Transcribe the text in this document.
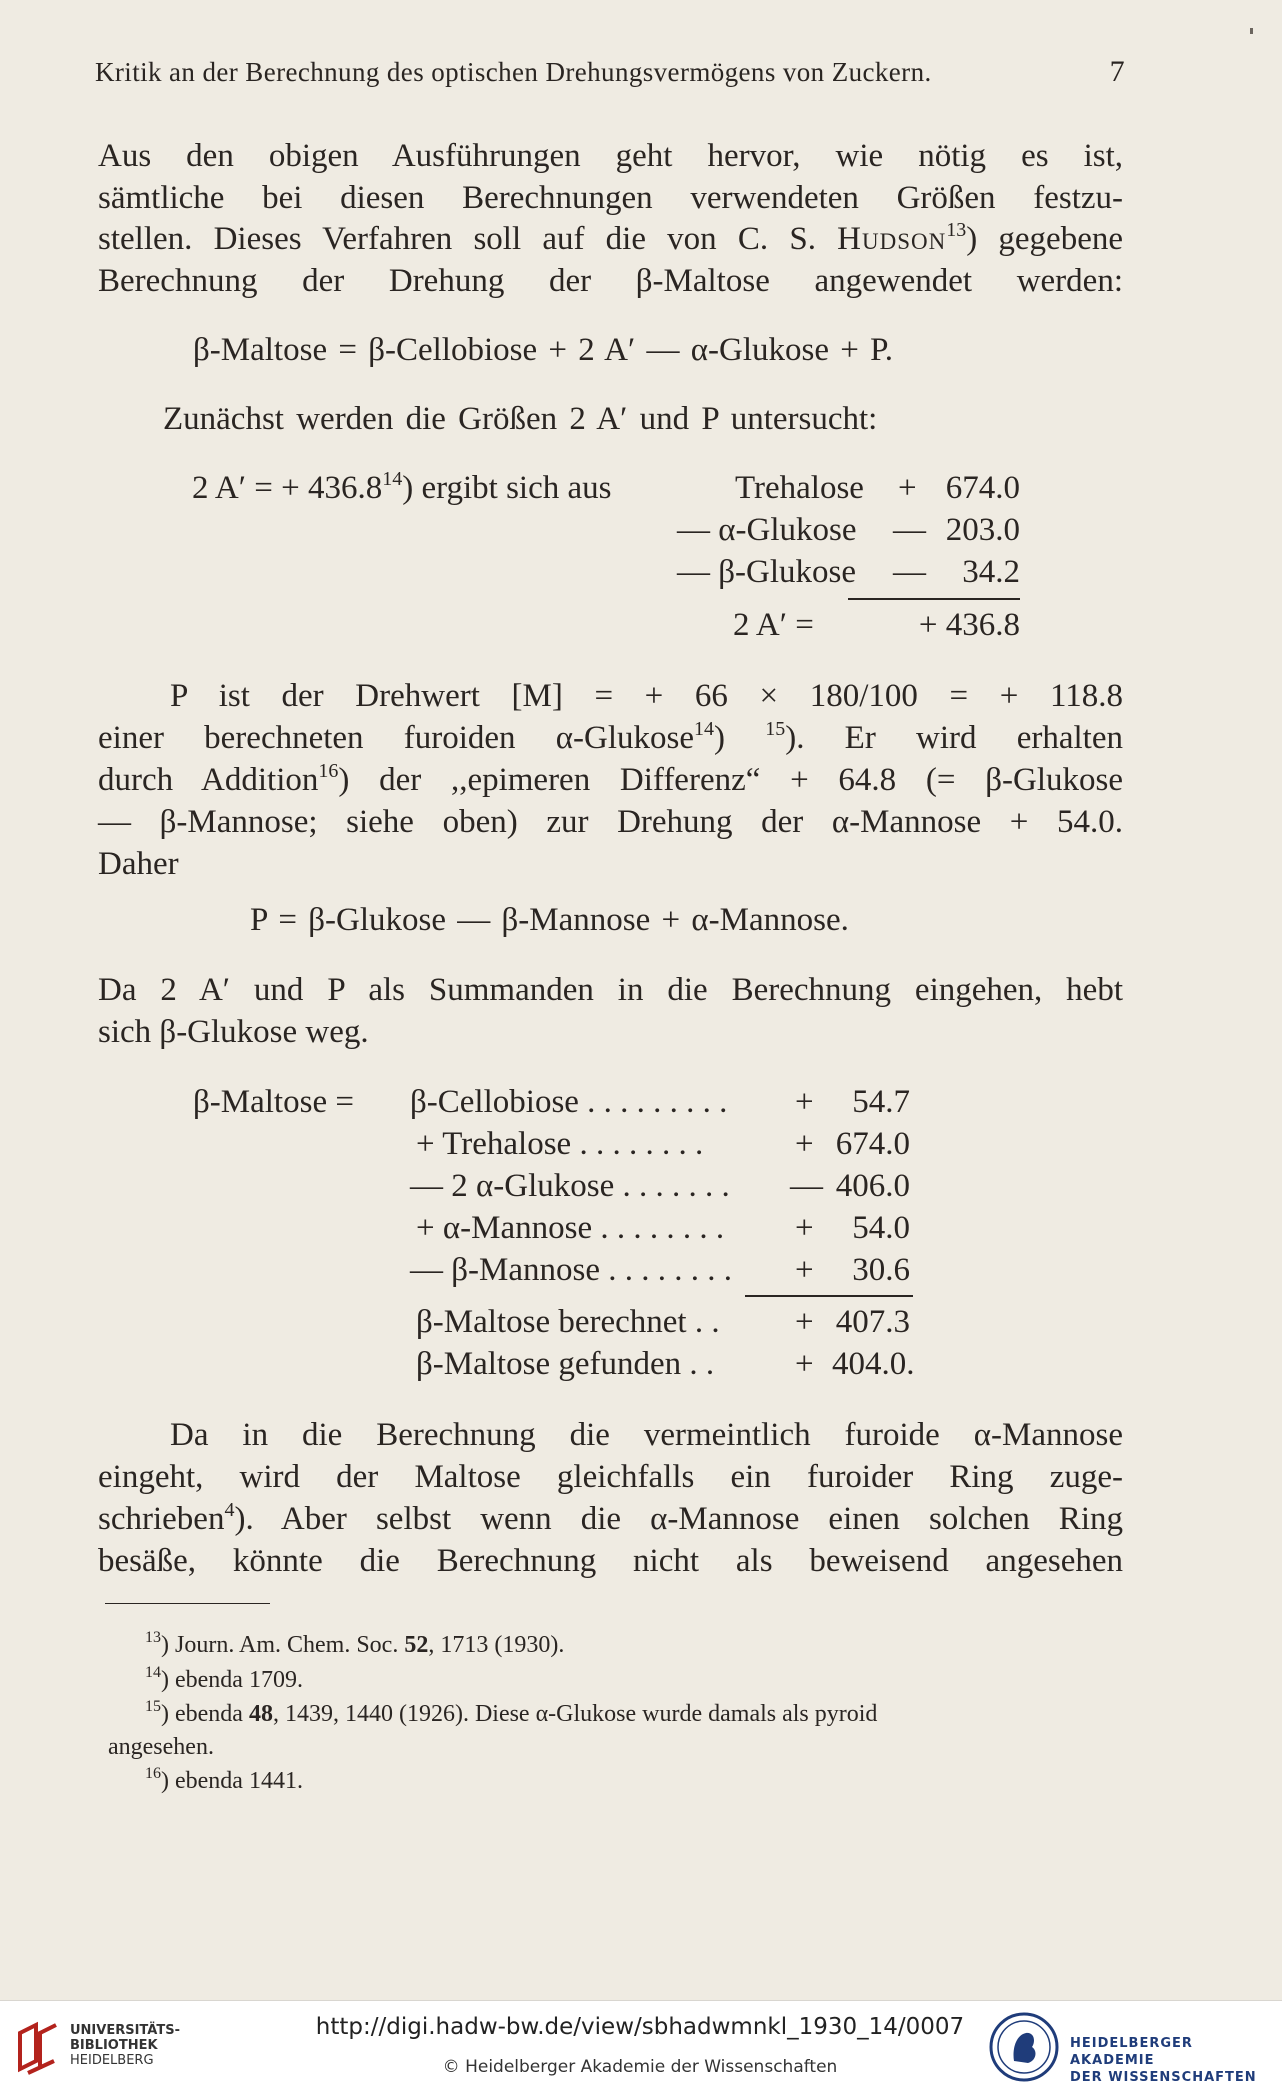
Kritik an der Berechnung des optischen Drehungsvermögens von Zuckern.	7
Aus den obigen Ausführungen geht hervor, wie nötig es ist,
sämtliche bei diesen Berechnungen verwendeten Größen festzu-
stellen. Dieses Verfahren soll auf die von C. S. Hudson$^{13}$) gegebene
Berechnung der Drehung der β-Maltose angewendet werden:
β-Maltose = β-Cellobiose + 2 A′ — α-Glukose + P.
Zunächst werden die Größen 2 A′ und P untersucht:
2 A′ = + $436.8^{14}$) ergibt sich aus	Trehalose + 674.0
— α-Glukose — 203.0
— β-Glukose —	34.2
2 A′ =	+ 436.8
P ist der Drehwert [M] = + 66 × 180/100 = + 118.8
einer berechneten furoiden α-Glukose$^{14}$) $^{15}$). Er wird erhalten
durch Addition$^{16}$) der ,,epimeren Differenz“ + 64.8 (= β-Glukose
— β-Mannose; siehe oben) zur Drehung der α-Mannose + 54.0.
Daher
P = β-Glukose — β-Mannose + α-Mannose.
Da 2 A′ und P als Summanden in die Berechnung eingehen, hebt
sich β-Glukose weg.
β-Maltose = β-Cellobiose . . . . . . . . . +	54.7
+ Trehalose . . . . . . . .	+ 674.0
— 2 α-Glukose . . . . . . . — 406.0
+ α-Mannose . . . . . . . . +	54.0
— β-Mannose . . . . . . . . +	30.6
β-Maltose berechnet . . + 407.3
β-Maltose gefunden . . + 404.0.
Da in die Berechnung die vermeintlich furoide α-Mannose
eingeht, wird der Maltose gleichfalls ein furoider Ring zuge-
schrieben$^4$). Aber selbst wenn die α-Mannose einen solchen Ring
besäße, könnte die Berechnung nicht als beweisend angesehen
$^{13}$) Journ. Am. Chem. Soc. 52, 1713 (1930).
$^{14}$) ebenda 1709.
$^{15}$) ebenda 48, 1439, 1440 (1926). Diese α-Glukose wurde damals als pyroid
angesehen.
$^{16}$) ebenda 1441.
UNIVERSITÄTS-
BIBLIOTHEK
HEIDELBERG
http://digi.hadw-bw.de/view/sbhadwmnkl_1930_14/0007
© Heidelberger Akademie der Wissenschaften
HEIDELBERGER AKADEMIE
DER WISSENSCHAFTEN
